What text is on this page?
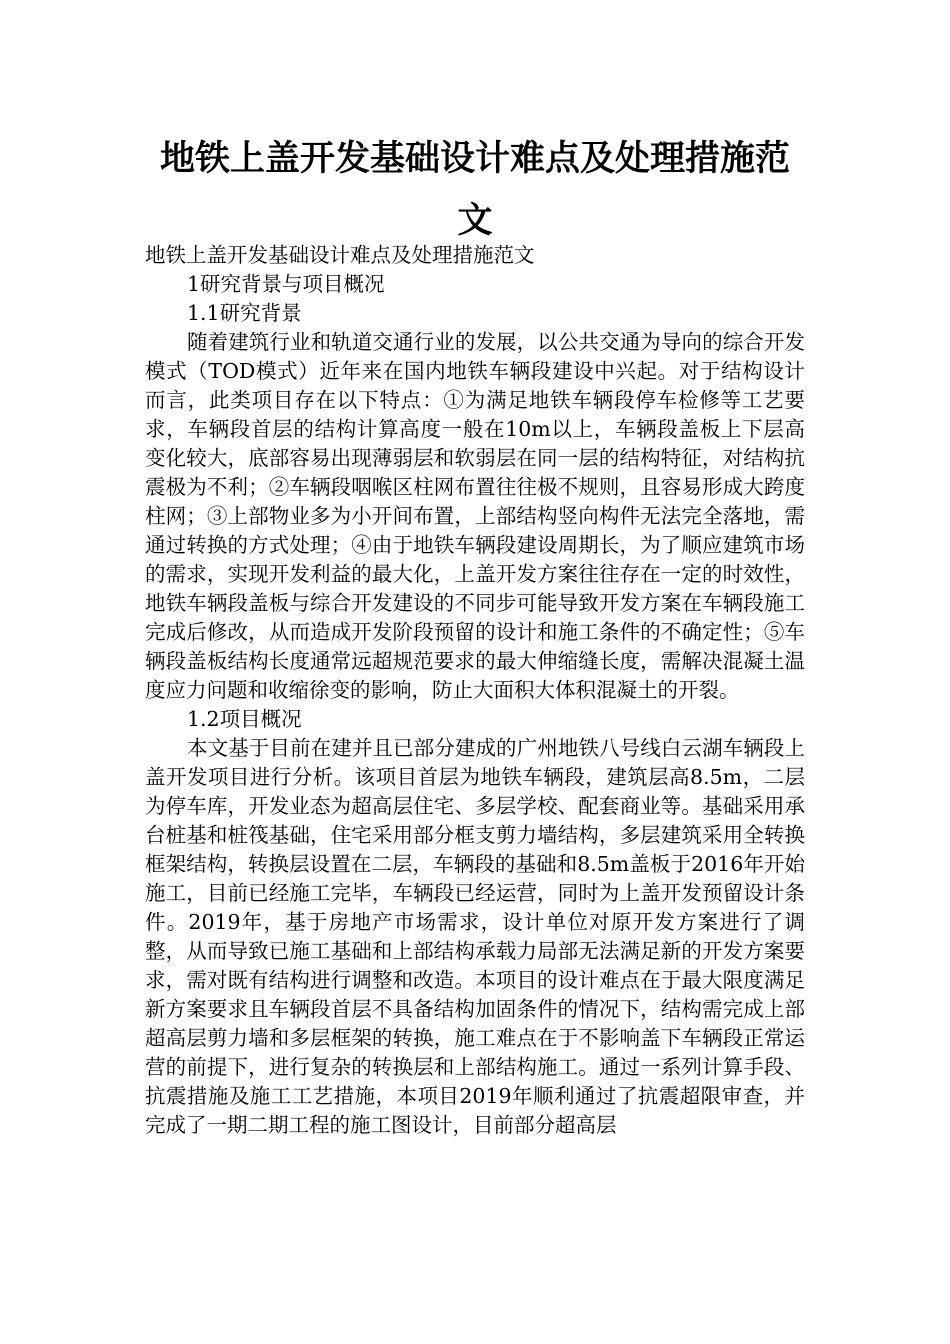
地铁上盖开发基础设计难点及处理措施范文

地铁上盖开发基础设计难点及处理措施范文

1研究背景与项目概况

1.1研究背景

随着建筑行业和轨道交通行业的发展，以公共交通为导向的综合开发模式（TOD模式）近年来在国内地铁车辆段建设中兴起。对于结构设计而言，此类项目存在以下特点：①为满足地铁车辆段停车检修等工艺要求，车辆段首层的结构计算高度一般在10m以上，车辆段盖板上下层高变化较大，底部容易出现薄弱层和软弱层在同一层的结构特征，对结构抗震极为不利；②车辆段咽喉区柱网布置往往极不规则，且容易形成大跨度柱网；③上部物业多为小开间布置，上部结构竖向构件无法完全落地，需通过转换的方式处理；④由于地铁车辆段建设周期长，为了顺应建筑市场的需求，实现开发利益的最大化，上盖开发方案往往存在一定的时效性，地铁车辆段盖板与综合开发建设的不同步可能导致开发方案在车辆段施工完成后修改，从而造成开发阶段预留的设计和施工条件的不确定性；⑤车辆段盖板结构长度通常远超规范要求的最大伸缩缝长度，需解决混凝土温度应力问题和收缩徐变的影响，防止大面积大体积混凝土的开裂。

1.2项目概况

本文基于目前在建并且已部分建成的广州地铁八号线白云湖车辆段上盖开发项目进行分析。该项目首层为地铁车辆段，建筑层高8.5m，二层为停车库，开发业态为超高层住宅、多层学校、配套商业等。基础采用承台桩基和桩筏基础，住宅采用部分框支剪力墙结构，多层建筑采用全转换框架结构，转换层设置在二层，车辆段的基础和8.5m盖板于2016年开始施工，目前已经施工完毕，车辆段已经运营，同时为上盖开发预留设计条件。2019年，基于房地产市场需求，设计单位对原开发方案进行了调整，从而导致已施工基础和上部结构承载力局部无法满足新的开发方案要求，需对既有结构进行调整和改造。本项目的设计难点在于最大限度满足新方案要求且车辆段首层不具备结构加固条件的情况下，结构需完成上部超高层剪力墙和多层框架的转换，施工难点在于不影响盖下车辆段正常运营的前提下，进行复杂的转换层和上部结构施工。通过一系列计算手段、抗震措施及施工工艺措施，本项目2019年顺利通过了抗震超限审查，并完成了一期二期工程的施工图设计，目前部分超高层
